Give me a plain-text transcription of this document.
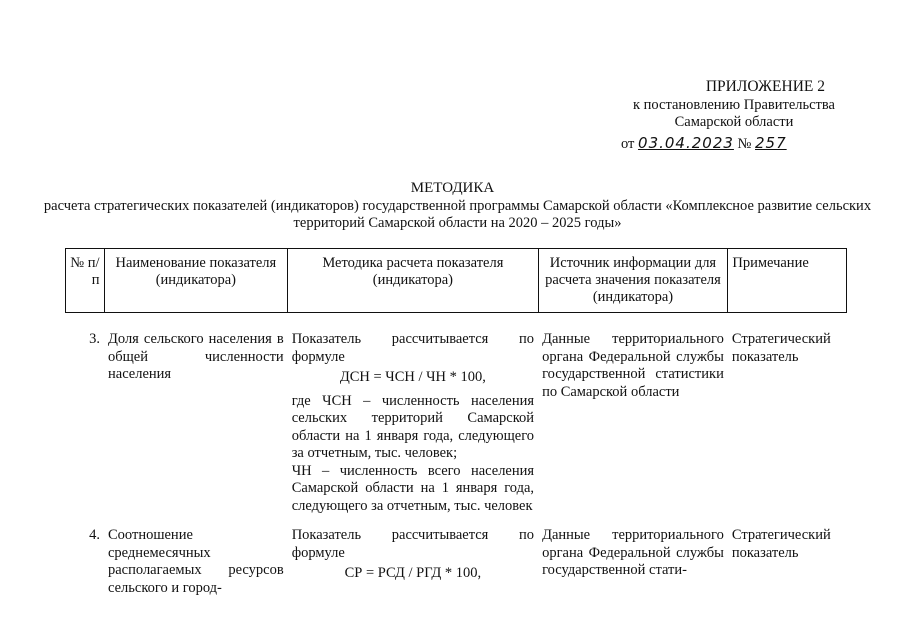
ПРИЛОЖЕНИЕ 2
к постановлению Правительства
Самарской области
от 03.04.2023 № 257
МЕТОДИКА
расчета стратегических показателей (индикаторов) государственной программы Самарской области «Комплексное развитие сельских территорий Самарской области на 2020 – 2025 годы»
№ п/п	Наименование показателя (индикатора)	Методика расчета показателя (индикатора)	Источник информации для расчета значения показателя (индикатора)	Примечание

3.	Доля сельского населения в общей численности населения	Показатель рассчитывается по формуле
ДСН = ЧСН / ЧН * 100,
где ЧСН – численность населения сельских территорий Самарской области на 1 января года, следующего за отчетным, тыс. человек;
ЧН – численность всего населения Самарской области на 1 января года, следующего за отчетным, тыс. человек	Данные территориального органа Федеральной службы государственной статистики по Самарской области	Стратегический показатель
4.	Соотношение среднемесячных располагаемых ресурсов сельского и город-	Показатель рассчитывается по формуле
СР = РСД / РГД * 100,	Данные территориального органа Федеральной службы государственной стати-	Стратегический показатель
